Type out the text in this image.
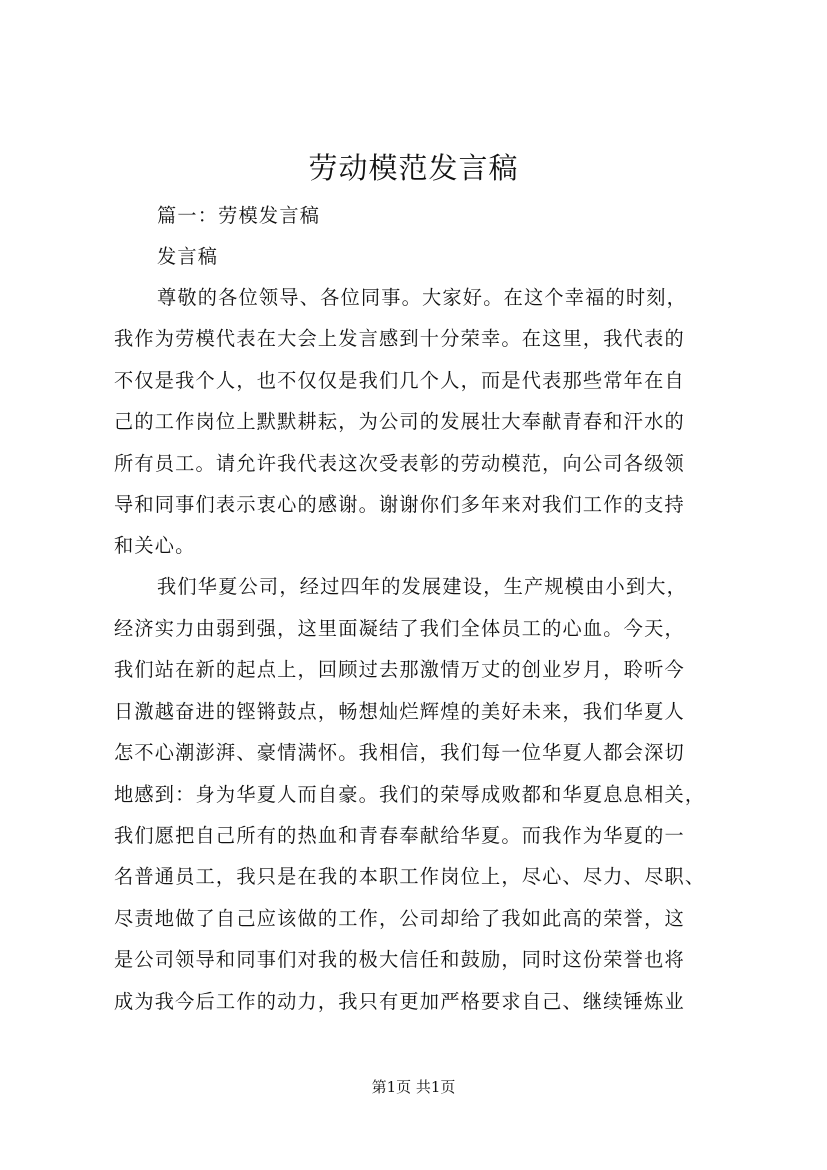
劳动模范发言稿

篇一：劳模发言稿

发言稿

尊敬的各位领导、各位同事。大家好。在这个幸福的时刻，

我作为劳模代表在大会上发言感到十分荣幸。在这里，我代表的

不仅是我个人，也不仅仅是我们几个人，而是代表那些常年在自

己的工作岗位上默默耕耘，为公司的发展壮大奉献青春和汗水的

所有员工。请允许我代表这次受表彰的劳动模范，向公司各级领

导和同事们表示衷心的感谢。谢谢你们多年来对我们工作的支持

和关心。

我们华夏公司，经过四年的发展建设，生产规模由小到大，

经济实力由弱到强，这里面凝结了我们全体员工的心血。今天，

我们站在新的起点上，回顾过去那激情万丈的创业岁月，聆听今

日激越奋进的铿锵鼓点，畅想灿烂辉煌的美好未来，我们华夏人

怎不心潮澎湃、豪情满怀。我相信，我们每一位华夏人都会深切

地感到：身为华夏人而自豪。我们的荣辱成败都和华夏息息相关，

我们愿把自己所有的热血和青春奉献给华夏。而我作为华夏的一

名普通员工，我只是在我的本职工作岗位上，尽心、尽力、尽职、

尽责地做了自己应该做的工作，公司却给了我如此高的荣誉，这

是公司领导和同事们对我的极大信任和鼓励，同时这份荣誉也将

成为我今后工作的动力，我只有更加严格要求自己、继续锤炼业

第1页 共1页
